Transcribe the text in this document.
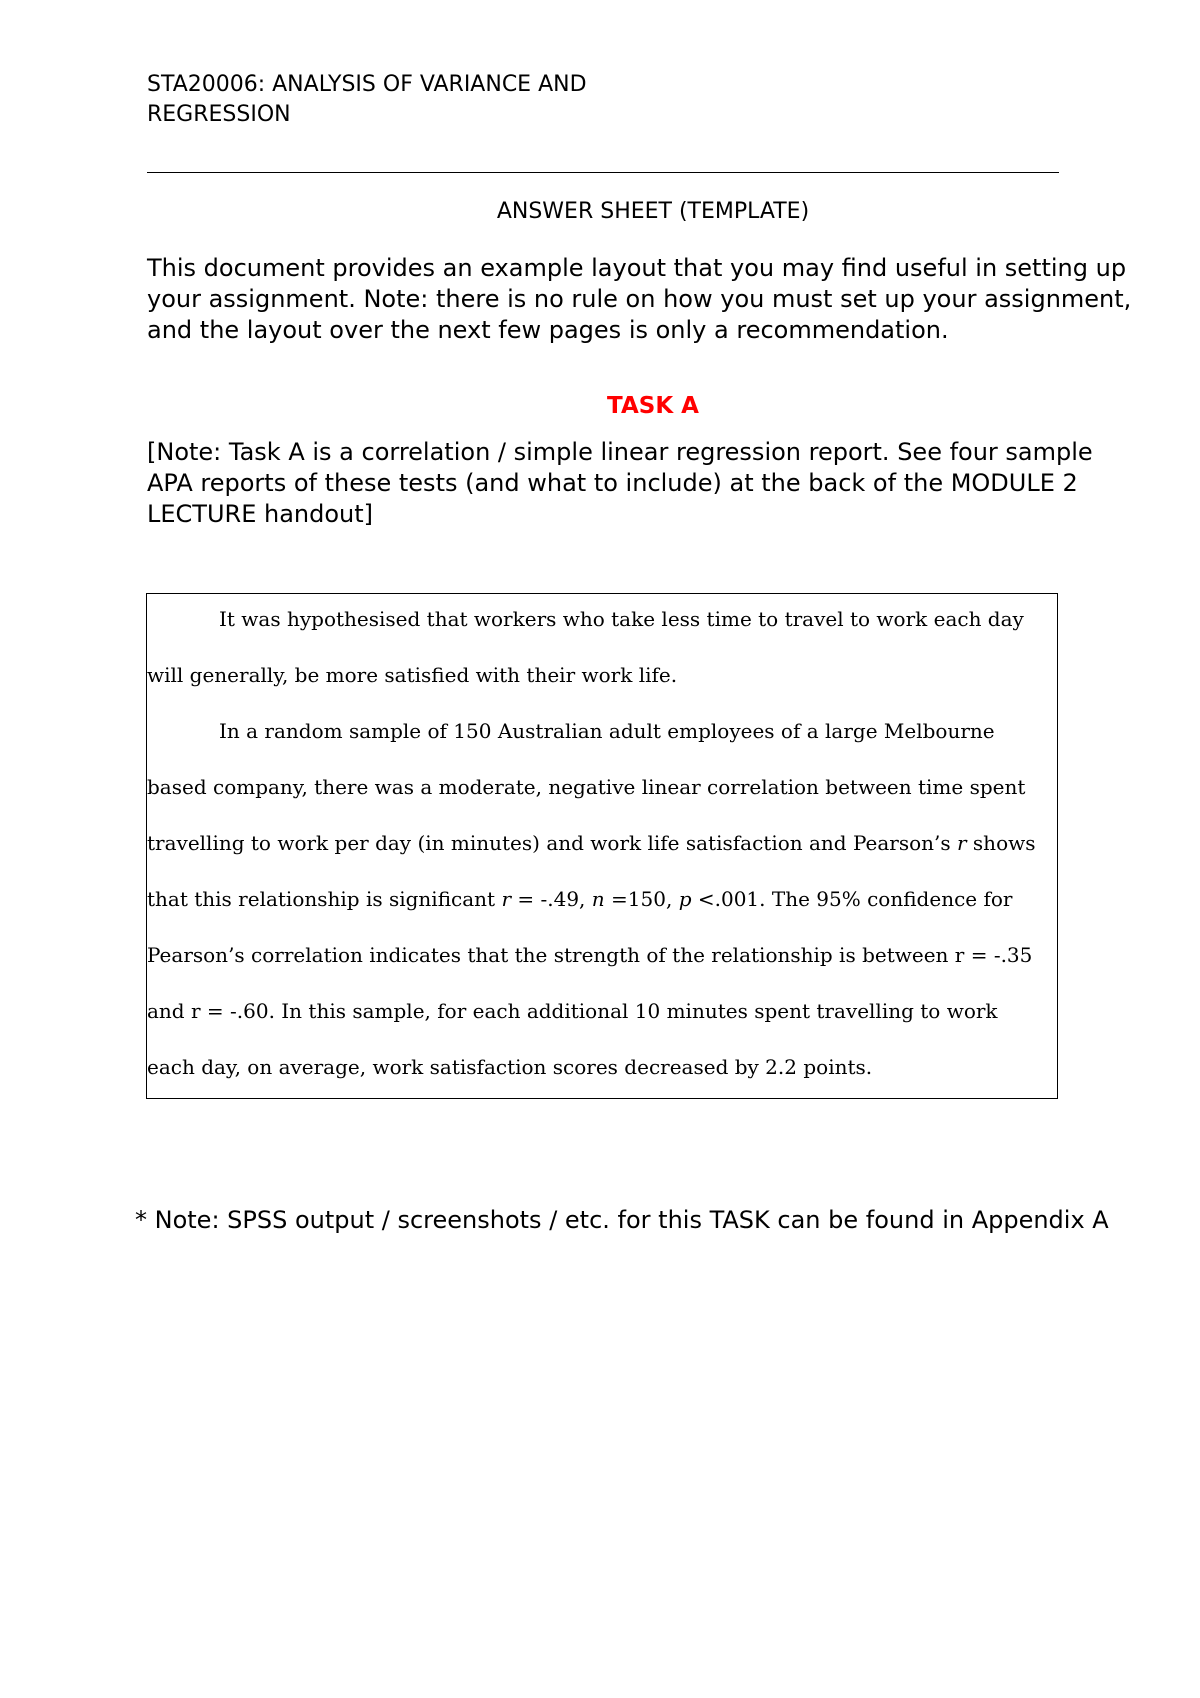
STA20006: ANALYSIS OF VARIANCE AND
REGRESSION
ANSWER SHEET (TEMPLATE)

This document provides an example layout that you may find useful in setting up your assignment. Note: there is no rule on how you must set up your assignment, and the layout over the next few pages is only a recommendation.

TASK A

[Note: Task A is a correlation / simple linear regression report. See four sample APA reports of these tests (and what to include) at the back of the MODULE 2 LECTURE handout]

It was hypothesised that workers who take less time to travel to work each day will generally, be more satisfied with their work life.

In a random sample of 150 Australian adult employees of a large Melbourne based company, there was a moderate, negative linear correlation between time spent travelling to work per day (in minutes) and work life satisfaction and Pearson’s r shows that this relationship is significant r = -.49, n =150, p <.001. The 95% confidence for Pearson’s correlation indicates that the strength of the relationship is between r = -.35 and r = -.60. In this sample, for each additional 10 minutes spent travelling to work each day, on average, work satisfaction scores decreased by 2.2 points.

* Note: SPSS output / screenshots / etc. for this TASK can be found in Appendix A
